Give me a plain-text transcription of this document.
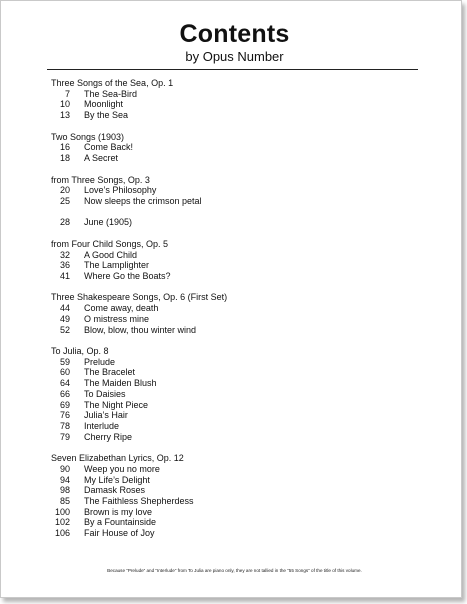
Contents
by Opus Number
Three Songs of the Sea, Op. 1
7 The Sea-Bird
10 Moonlight
13 By the Sea
Two Songs (1903)
16 Come Back!
18 A Secret
from Three Songs, Op. 3
20 Love’s Philosophy
25 Now sleeps the crimson petal
28 June (1905)
from Four Child Songs, Op. 5
32 A Good Child
36 The Lamplighter
41 Where Go the Boats?
Three Shakespeare Songs, Op. 6 (First Set)
44 Come away, death
49 O mistress mine
52 Blow, blow, thou winter wind
To Julia, Op. 8
59 Prelude
60 The Bracelet
64 The Maiden Blush
66 To Daisies
69 The Night Piece
76 Julia’s Hair
78 Interlude
79 Cherry Ripe
Seven Elizabethan Lyrics, Op. 12
90 Weep you no more
94 My Life’s Delight
98 Damask Roses
85 The Faithless Shepherdess
100 Brown is my love
102 By a Fountainside
106 Fair House of Joy
Because “Prelude” and “Interlude” from To Julia are piano only, they are not tallied in the “55 Songs” of the title of this volume.
